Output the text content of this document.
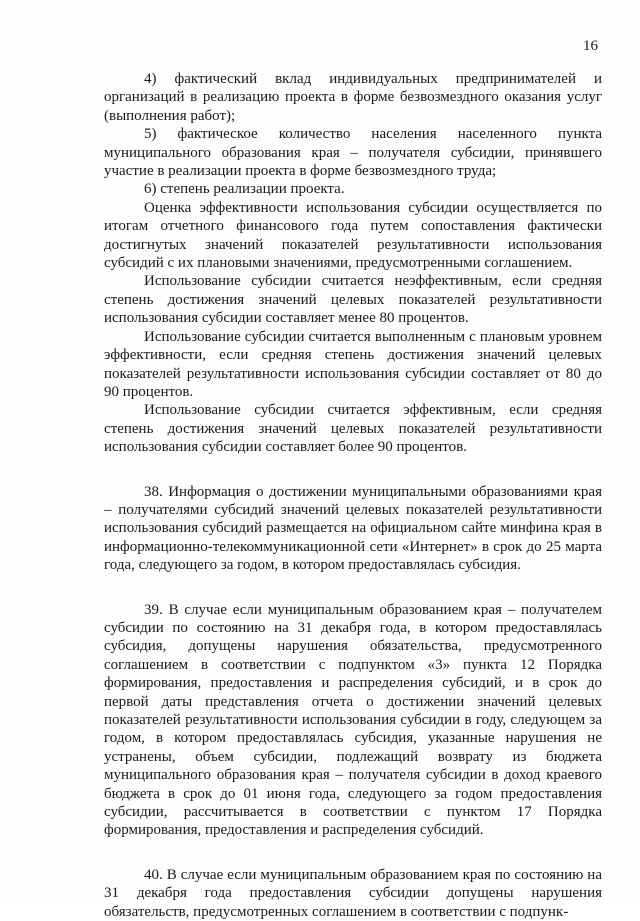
16

4) фактический вклад индивидуальных предпринимателей и организаций в реализацию проекта в форме безвозмездного оказания услуг (выполнения работ);

5) фактическое количество населения населенного пункта муниципального образования края – получателя субсидии, принявшего участие в реализации проекта в форме безвозмездного труда;

6) степень реализации проекта.

Оценка эффективности использования субсидии осуществляется по итогам отчетного финансового года путем сопоставления фактически достигнутых значений показателей результативности использования субсидий с их плановыми значениями, предусмотренными соглашением.

Использование субсидии считается неэффективным, если средняя степень достижения значений целевых показателей результативности использования субсидии составляет менее 80 процентов.

Использование субсидии считается выполненным с плановым уровнем эффективности, если средняя степень достижения значений целевых показателей результативности использования субсидии составляет от 80 до 90 процентов.

Использование субсидии считается эффективным, если средняя степень достижения значений целевых показателей результативности использования субсидии составляет более 90 процентов.

38. Информация о достижении муниципальными образованиями края – получателями субсидий значений целевых показателей результативности использования субсидий размещается на официальном сайте минфина края в информационно-телекоммуникационной сети «Интернет» в срок до 25 марта года, следующего за годом, в котором предоставлялась субсидия.

39. В случае если муниципальным образованием края – получателем субсидии по состоянию на 31 декабря года, в котором предоставлялась субсидия, допущены нарушения обязательства, предусмотренного соглашением в соответствии с подпунктом «3» пункта 12 Порядка формирования, предоставления и распределения субсидий, и в срок до первой даты представления отчета о достижении значений целевых показателей результативности использования субсидии в году, следующем за годом, в котором предоставлялась субсидия, указанные нарушения не устранены, объем субсидии, подлежащий возврату из бюджета муниципального образования края – получателя субсидии в доход краевого бюджета в срок до 01 июня года, следующего за годом предоставления субсидии, рассчитывается в соответствии с пунктом 17 Порядка формирования, предоставления и распределения субсидий.

40. В случае если муниципальным образованием края по состоянию на 31 декабря года предоставления субсидии допущены нарушения обязательств, предусмотренных соглашением в соответствии с подпунк-
